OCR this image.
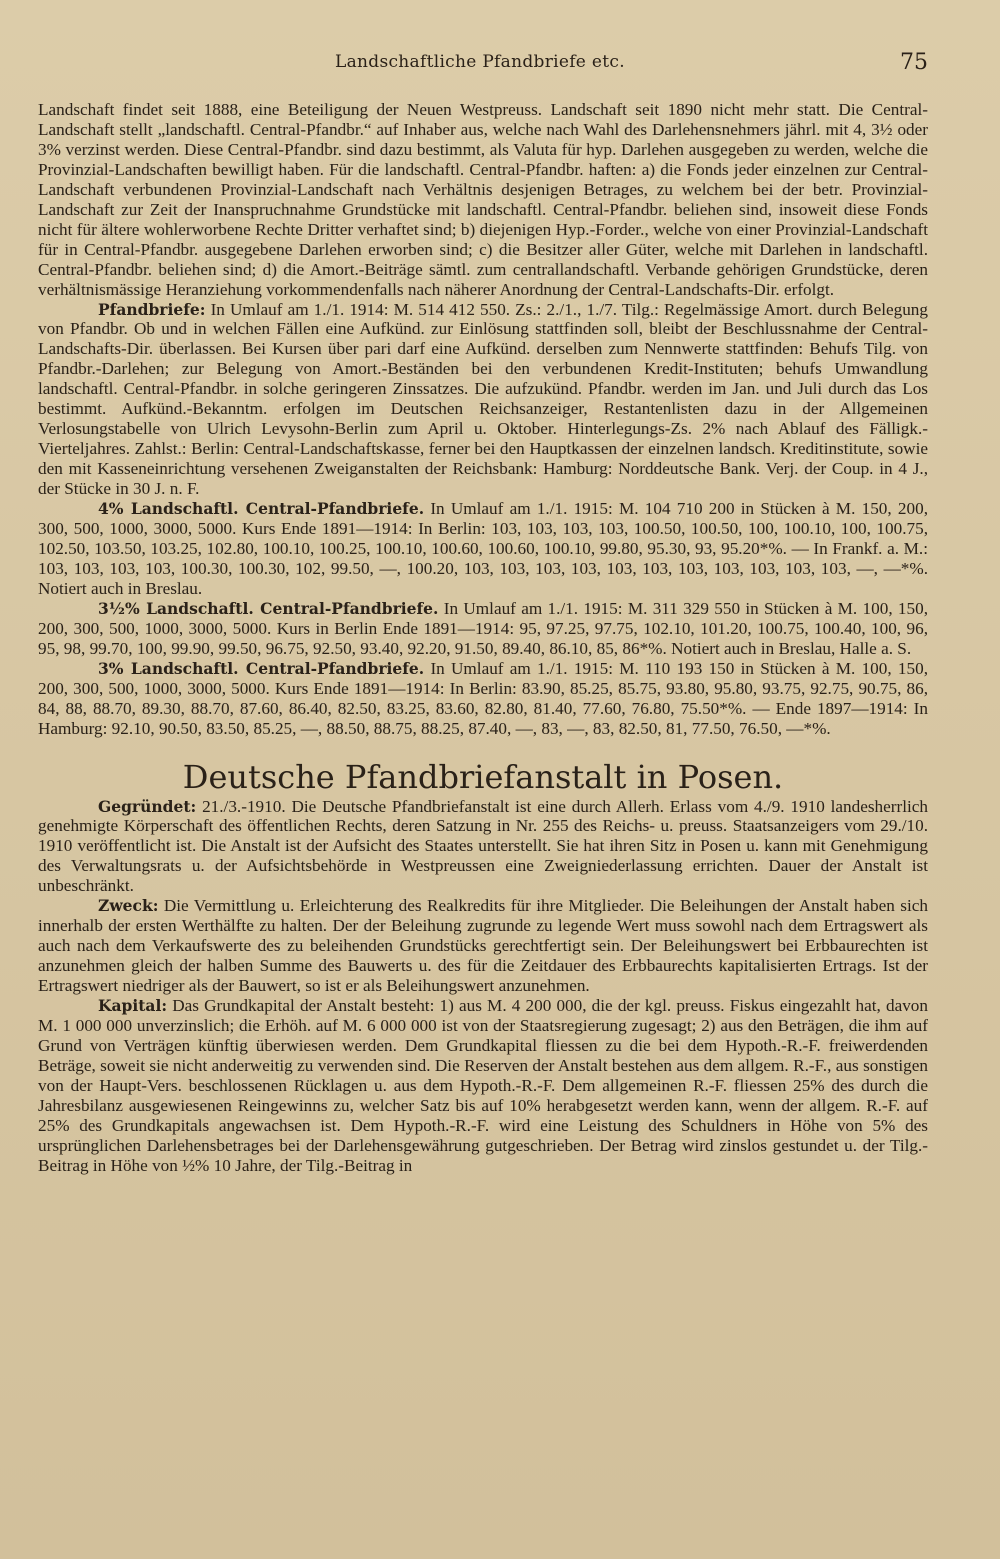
Landschaftliche Pfandbriefe etc.	75

Landschaft findet seit 1888, eine Beteiligung der Neuen Westpreuss. Landschaft seit 1890 nicht mehr statt. Die Central-Landschaft stellt „landschaftl. Central-Pfandbr.“ auf Inhaber aus, welche nach Wahl des Darlehensnehmers jährl. mit 4, 3½ oder 3% verzinst werden. Diese Central-Pfandbr. sind dazu bestimmt, als Valuta für hyp. Darlehen ausgegeben zu werden, welche die Provinzial-Landschaften bewilligt haben. Für die landschaftl. Central-Pfandbr. haften: a) die Fonds jeder einzelnen zur Central-Landschaft verbundenen Provinzial-Landschaft nach Verhältnis desjenigen Betrages, zu welchem bei der betr. Provinzial-Landschaft zur Zeit der Inanspruchnahme Grundstücke mit landschaftl. Central-Pfandbr. beliehen sind, insoweit diese Fonds nicht für ältere wohlerworbene Rechte Dritter verhaftet sind; b) diejenigen Hyp.-Forder., welche von einer Provinzial-Landschaft für in Central-Pfandbr. ausgegebene Darlehen erworben sind; c) die Besitzer aller Güter, welche mit Darlehen in landschaftl. Central-Pfandbr. beliehen sind; d) die Amort.-Beiträge sämtl. zum centrallandschaftl. Verbande gehörigen Grundstücke, deren verhältnismässige Heranziehung vorkommendenfalls nach näherer Anordnung der Central-Landschafts-Dir. erfolgt.

Pfandbriefe: In Umlauf am 1./1. 1914: M. 514 412 550. Zs.: 2./1., 1./7. Tilg.: Regelmässige Amort. durch Belegung von Pfandbr. Ob und in welchen Fällen eine Aufkünd. zur Einlösung stattfinden soll, bleibt der Beschlussnahme der Central-Landschafts-Dir. überlassen. Bei Kursen über pari darf eine Aufkünd. derselben zum Nennwerte stattfinden: Behufs Tilg. von Pfandbr.-Darlehen; zur Belegung von Amort.-Beständen bei den verbundenen Kredit-Instituten; behufs Umwandlung landschaftl. Central-Pfandbr. in solche geringeren Zinssatzes. Die aufzukünd. Pfandbr. werden im Jan. und Juli durch das Los bestimmt. Aufkünd.-Bekanntm. erfolgen im Deutschen Reichsanzeiger, Restantenlisten dazu in der Allgemeinen Verlosungstabelle von Ulrich Levysohn-Berlin zum April u. Oktober. Hinterlegungs-Zs. 2% nach Ablauf des Fälligk.-Vierteljahres. Zahlst.: Berlin: Central-Landschaftskasse, ferner bei den Hauptkassen der einzelnen landsch. Kreditinstitute, sowie den mit Kasseneinrichtung versehenen Zweiganstalten der Reichsbank: Hamburg: Norddeutsche Bank. Verj. der Coup. in 4 J., der Stücke in 30 J. n. F.

4% Landschaftl. Central-Pfandbriefe. In Umlauf am 1./1. 1915: M. 104 710 200 in Stücken à M. 150, 200, 300, 500, 1000, 3000, 5000. Kurs Ende 1891—1914: In Berlin: 103, 103, 103, 103, 100.50, 100.50, 100, 100.10, 100, 100.75, 102.50, 103.50, 103.25, 102.80, 100.10, 100.25, 100.10, 100.60, 100.60, 100.10, 99.80, 95.30, 93, 95.20*%. — In Frankf. a. M.: 103, 103, 103, 103, 100.30, 100.30, 102, 99.50, —, 100.20, 103, 103, 103, 103, 103, 103, 103, 103, 103, 103, 103, —, —*%. Notiert auch in Breslau.

3½% Landschaftl. Central-Pfandbriefe. In Umlauf am 1./1. 1915: M. 311 329 550 in Stücken à M. 100, 150, 200, 300, 500, 1000, 3000, 5000. Kurs in Berlin Ende 1891—1914: 95, 97.25, 97.75, 102.10, 101.20, 100.75, 100.40, 100, 96, 95, 98, 99.70, 100, 99.90, 99.50, 96.75, 92.50, 93.40, 92.20, 91.50, 89.40, 86.10, 85, 86*%. Notiert auch in Breslau, Halle a. S.

3% Landschaftl. Central-Pfandbriefe. In Umlauf am 1./1. 1915: M. 110 193 150 in Stücken à M. 100, 150, 200, 300, 500, 1000, 3000, 5000. Kurs Ende 1891—1914: In Berlin: 83.90, 85.25, 85.75, 93.80, 95.80, 93.75, 92.75, 90.75, 86, 84, 88, 88.70, 89.30, 88.70, 87.60, 86.40, 82.50, 83.25, 83.60, 82.80, 81.40, 77.60, 76.80, 75.50*%. — Ende 1897—1914: In Hamburg: 92.10, 90.50, 83.50, 85.25, —, 88.50, 88.75, 88.25, 87.40, —, 83, —, 83, 82.50, 81, 77.50, 76.50, —*%.

Deutsche Pfandbriefanstalt in Posen.

Gegründet: 21./3.-1910. Die Deutsche Pfandbriefanstalt ist eine durch Allerh. Erlass vom 4./9. 1910 landesherrlich genehmigte Körperschaft des öffentlichen Rechts, deren Satzung in Nr. 255 des Reichs- u. preuss. Staatsanzeigers vom 29./10. 1910 veröffentlicht ist. Die Anstalt ist der Aufsicht des Staates unterstellt. Sie hat ihren Sitz in Posen u. kann mit Genehmigung des Verwaltungsrats u. der Aufsichtsbehörde in Westpreussen eine Zweigniederlassung errichten. Dauer der Anstalt ist unbeschränkt.

Zweck: Die Vermittlung u. Erleichterung des Realkredits für ihre Mitglieder. Die Beleihungen der Anstalt haben sich innerhalb der ersten Werthälfte zu halten. Der der Beleihung zugrunde zu legende Wert muss sowohl nach dem Ertragswert als auch nach dem Verkaufswerte des zu beleihenden Grundstücks gerechtfertigt sein. Der Beleihungswert bei Erbbaurechten ist anzunehmen gleich der halben Summe des Bauwerts u. des für die Zeitdauer des Erbbaurechts kapitalisierten Ertrags. Ist der Ertragswert niedriger als der Bauwert, so ist er als Beleihungswert anzunehmen.

Kapital: Das Grundkapital der Anstalt besteht: 1) aus M. 4 200 000, die der kgl. preuss. Fiskus eingezahlt hat, davon M. 1 000 000 unverzinslich; die Erhöh. auf M. 6 000 000 ist von der Staatsregierung zugesagt; 2) aus den Beträgen, die ihm auf Grund von Verträgen künftig überwiesen werden. Dem Grundkapital fliessen zu die bei dem Hypoth.-R.-F. freiwerdenden Beträge, soweit sie nicht anderweitig zu verwenden sind. Die Reserven der Anstalt bestehen aus dem allgem. R.-F., aus sonstigen von der Haupt-Vers. beschlossenen Rücklagen u. aus dem Hypoth.-R.-F. Dem allgemeinen R.-F. fliessen 25% des durch die Jahresbilanz ausgewiesenen Reingewinns zu, welcher Satz bis auf 10% herabgesetzt werden kann, wenn der allgem. R.-F. auf 25% des Grundkapitals angewachsen ist. Dem Hypoth.-R.-F. wird eine Leistung des Schuldners in Höhe von 5% des ursprünglichen Darlehensbetrages bei der Darlehensgewährung gutgeschrieben. Der Betrag wird zinslos gestundet u. der Tilg.-Beitrag in Höhe von ½% 10 Jahre, der Tilg.-Beitrag in
